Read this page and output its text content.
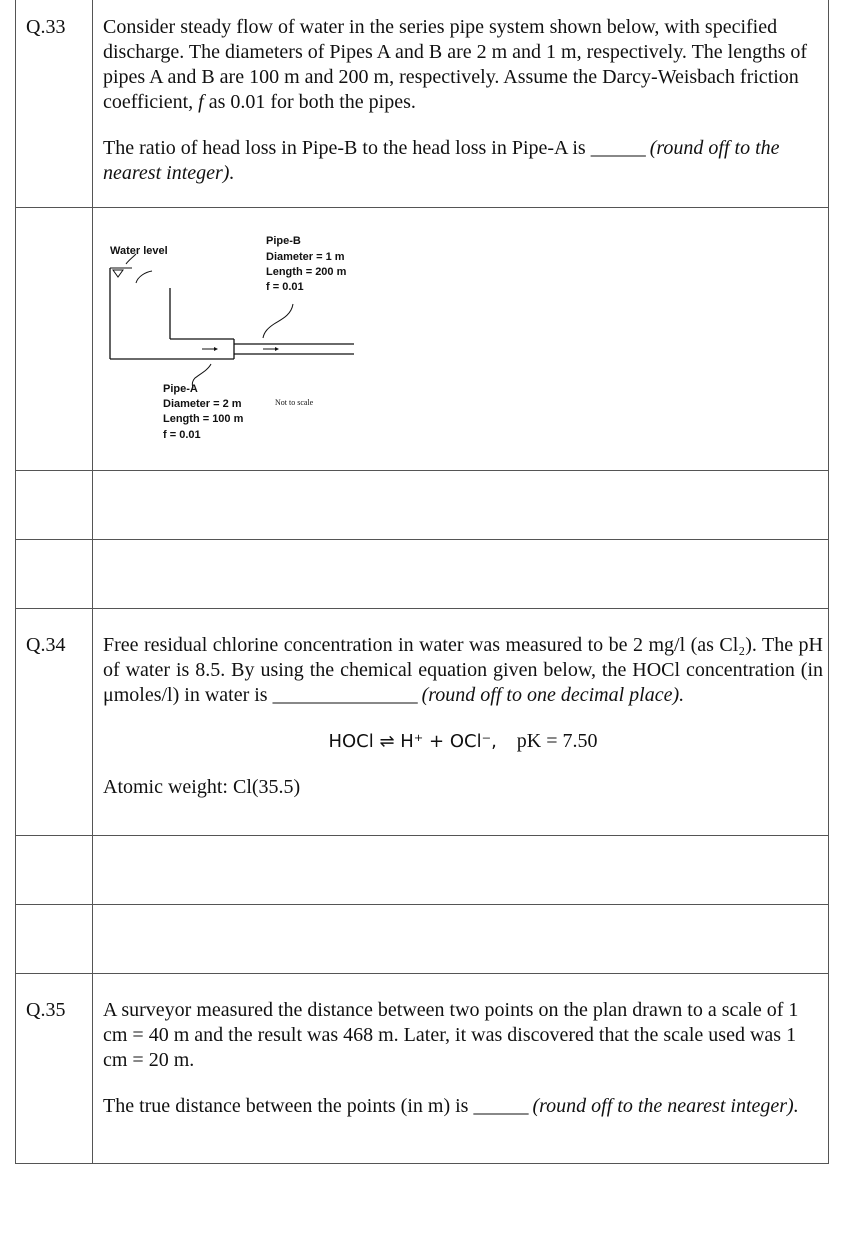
Q.33 Consider steady flow of water in the series pipe system shown below, with specified discharge. The diameters of Pipes A and B are 2 m and 1 m, respectively. The lengths of pipes A and B are 100 m and 200 m, respectively. Assume the Darcy-Weisbach friction coefficient, f as 0.01 for both the pipes.

The ratio of head loss in Pipe-B to the head loss in Pipe-A is ______ (round off to the nearest integer).

Water level
Pipe-B
Diameter = 1 m
Length = 200 m
f = 0.01
Pipe-A
Diameter = 2 m
Length = 100 m
f = 0.01
Not to scale
Q.34 Free residual chlorine concentration in water was measured to be 2 mg/l (as Cl₂). The pH of water is 8.5. By using the chemical equation given below, the HOCl concentration (in μmoles/l) in water is ________________ (round off to one decimal place).

HOCl ⇌ H⁺ + OCl⁻, pK = 7.50

Atomic weight: Cl(35.5)

Q.35 A surveyor measured the distance between two points on the plan drawn to a scale of 1 cm = 40 m and the result was 468 m. Later, it was discovered that the scale used was 1 cm = 20 m.

The true distance between the points (in m) is ______ (round off to the nearest integer).
